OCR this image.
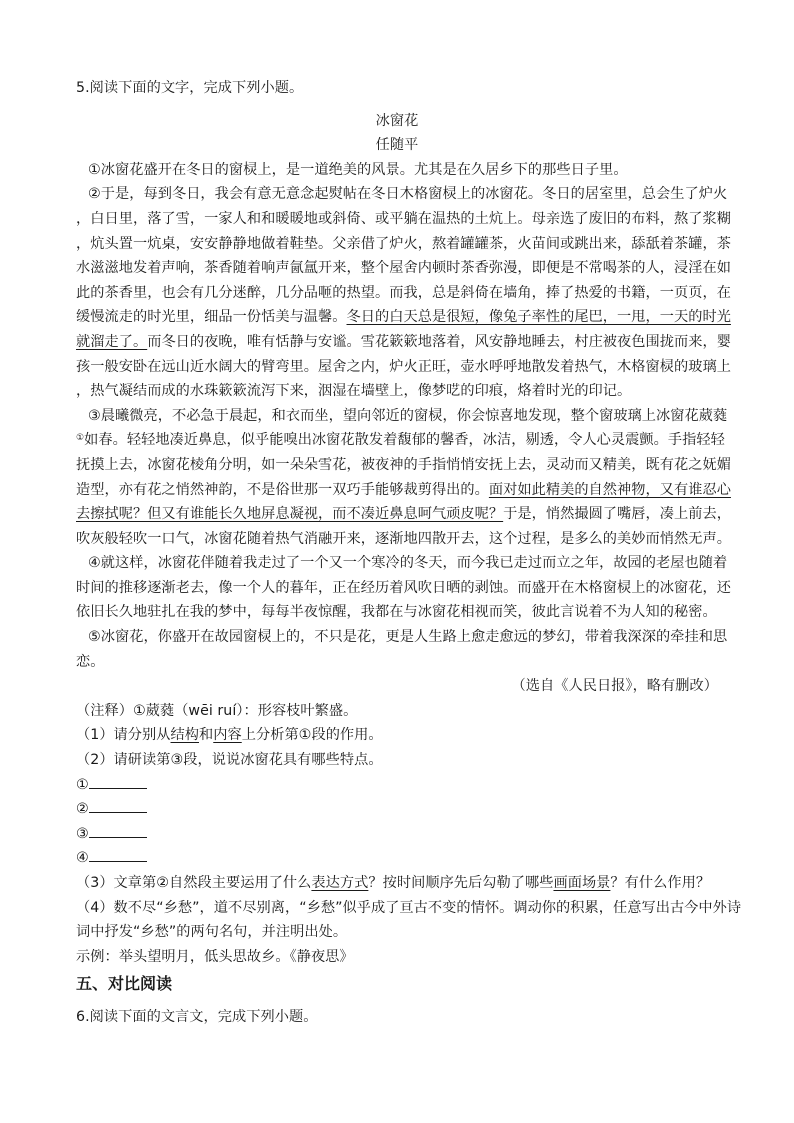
5.阅读下面的文字，完成下列小题。
冰窗花
任随平
①冰窗花盛开在冬日的窗棂上，是一道绝美的风景。尤其是在久居乡下的那些日子里。
②于是，每到冬日，我会有意无意念起熨帖在冬日木格窗棂上的冰窗花。冬日的居室里，总会生了炉火
，白日里，落了雪，一家人和和暖暖地或斜倚、或平躺在温热的土炕上。母亲选了废旧的布料，熬了浆糊
，炕头置一炕桌，安安静静地做着鞋垫。父亲借了炉火，熬着罐罐茶，火苗间或跳出来，舔舐着茶罐，茶
水滋滋地发着声响，茶香随着响声氤氲开来，整个屋舍内顿时茶香弥漫，即便是不常喝茶的人，浸淫在如
此的茶香里，也会有几分迷醉，几分品咂的热望。而我，总是斜倚在墙角，捧了热爱的书籍，一页页，在
缓慢流走的时光里，细品一份恬美与温馨。冬日的白天总是很短，像兔子率性的尾巴，一甩，一天的时光
就溜走了。而冬日的夜晚，唯有恬静与安谧。雪花簌簌地落着，风安静地睡去，村庄被夜色围拢而来，婴
孩一般安卧在远山近水阔大的臂弯里。屋舍之内，炉火正旺，壶水呼呼地散发着热气，木格窗棂的玻璃上
，热气凝结而成的水珠簌簌流泻下来，洇湿在墙壁上，像梦呓的印痕，烙着时光的印记。
③晨曦微亮，不必急于晨起，和衣而坐，望向邻近的窗棂，你会惊喜地发现，整个窗玻璃上冰窗花葳蕤
①如春。轻轻地凑近鼻息，似乎能嗅出冰窗花散发着馥郁的馨香，冰洁，剔透，令人心灵震颤。手指轻轻
抚摸上去，冰窗花棱角分明，如一朵朵雪花，被夜神的手指悄悄安抚上去，灵动而又精美，既有花之妩媚
造型，亦有花之悄然神韵，不是俗世那一双巧手能够裁剪得出的。面对如此精美的自然神物，又有谁忍心
去擦拭呢？但又有谁能长久地屏息凝视，而不凑近鼻息呵气顽皮呢？于是，悄然撮圆了嘴唇，凑上前去，
吹灰般轻吹一口气，冰窗花随着热气消融开来，逐渐地四散开去，这个过程，是多么的美妙而悄然无声。
④就这样，冰窗花伴随着我走过了一个又一个寒冷的冬天，而今我已走过而立之年，故园的老屋也随着
时间的推移逐渐老去，像一个人的暮年，正在经历着风吹日晒的剥蚀。而盛开在木格窗棂上的冰窗花，还
依旧长久地驻扎在我的梦中，每每半夜惊醒，我都在与冰窗花相视而笑，彼此言说着不为人知的秘密。
⑤冰窗花，你盛开在故园窗棂上的，不只是花，更是人生路上愈走愈远的梦幻，带着我深深的牵挂和思
恋。
（选自《人民日报》，略有删改）
（注释）①葳蕤（wēi ruí）：形容枝叶繁盛。
（1）请分别从结构和内容上分析第①段的作用。
（2）请研读第③段，说说冰窗花具有哪些特点。
①
②
③
④
（3）文章第②自然段主要运用了什么表达方式？按时间顺序先后勾勒了哪些画面场景？有什么作用？
（4）数不尽“乡愁”，道不尽别离，“乡愁”似乎成了亘古不变的情怀。调动你的积累，任意写出古今中外诗
词中抒发“乡愁”的两句名句，并注明出处。
示例：举头望明月，低头思故乡。《静夜思》
五、对比阅读
6.阅读下面的文言文，完成下列小题。
